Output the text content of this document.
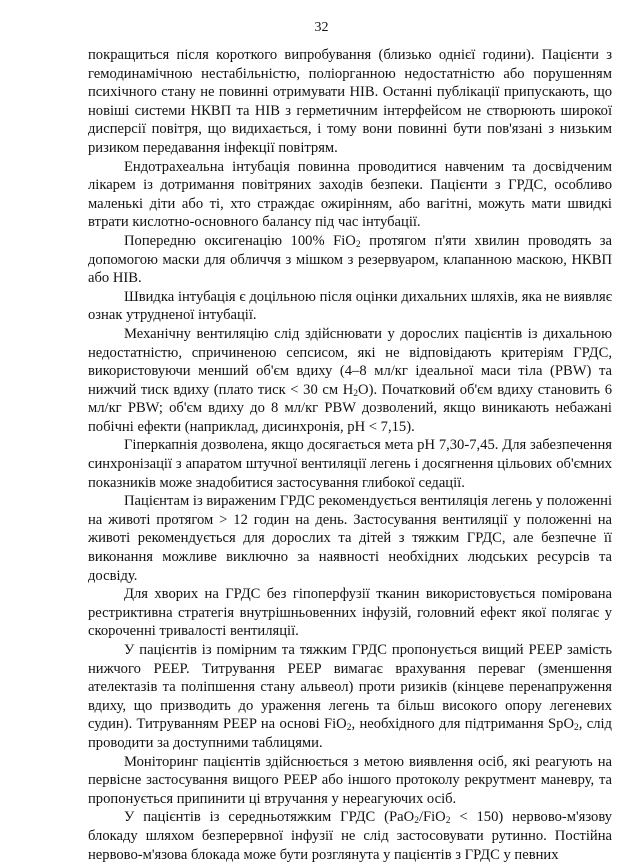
32

покращиться після короткого випробування (близько однієї години). Пацієнти з гемодинамічною нестабільністю, поліорганною недостатністю або порушенням психічного стану не повинні отримувати НІВ. Останні публікації припускають, що новіші системи НКВП та НІВ з герметичним інтерфейсом не створюють широкої дисперсії повітря, що видихається, і тому вони повинні бути пов'язані з низьким ризиком передавання інфекції повітрям.

Ендотрахеальна інтубація повинна проводитися навченим та досвідченим лікарем із дотримання повітряних заходів безпеки. Пацієнти з ГРДС, особливо маленькі діти або ті, хто страждає ожирінням, або вагітні, можуть мати швидкі втрати кислотно-основного балансу під час інтубації.

Попередню оксигенацію 100% FiO$_2$ протягом п'яти хвилин проводять за допомогою маски для обличчя з мішком з резервуаром, клапанною маскою, НКВП або НІВ.

Швидка інтубація є доцільною після оцінки дихальних шляхів, яка не виявляє ознак утрудненої інтубації.

Механічну вентиляцію слід здійснювати у дорослих пацієнтів із дихальною недостатністю, спричиненою сепсисом, які не відповідають критеріям ГРДС, використовуючи менший об'єм вдиху (4–8 мл/кг ідеальної маси тіла (PBW) та нижчий тиск вдиху (плато тиск < 30 см $H_2O$). Початковий об'єм вдиху становить 6 мл/кг PBW; об'єм вдиху до 8 мл/кг PBW дозволений, якщо виникають небажані побічні ефекти (наприклад, дисинхронія, pH < 7,15).

Гіперкапнія дозволена, якщо досягається мета pH 7,30-7,45. Для забезпечення синхронізації з апаратом штучної вентиляції легень і досягнення цільових об'ємних показників може знадобитися застосування глибокої седації.

Пацієнтам із вираженим ГРДС рекомендується вентиляція легень у положенні на животі протягом > 12 годин на день. Застосування вентиляції у положенні на животі рекомендується для дорослих та дітей з тяжким ГРДС, але безпечне її виконання можливе виключно за наявності необхідних людських ресурсів та досвіду.

Для хворих на ГРДС без гіпоперфузії тканин використовується помірована рестриктивна стратегія внутрішньовенних інфузій, головний ефект якої полягає у скороченні тривалості вентиляції.

У пацієнтів із помірним та тяжким ГРДС пропонується вищий PEEP замість нижчого PEEP. Титрування PEEP вимагає врахування переваг (зменшення ателектазів та поліпшення стану альвеол) проти ризиків (кінцеве перенапруження вдиху, що призводить до ураження легень та більш високого опору легеневих судин). Титруванням PEEP на основі FiO$_2$, необхідного для підтримання SpO$_2$, слід проводити за доступними таблицями.

Моніторинг пацієнтів здійснюється з метою виявлення осіб, які реагують на первісне застосування вищого PEEP або іншого протоколу рекрутмент маневру, та пропонується припинити ці втручання у нереагуючих осіб.

У пацієнтів із середньотяжким ГРДС (PaO$_2$/FiO$_2$ < 150) нервово-м'язову блокаду шляхом безперервної інфузії не слід застосовувати рутинно. Постійна нервово-м'язова блокада може бути розглянута у пацієнтів з ГРДС у певних
